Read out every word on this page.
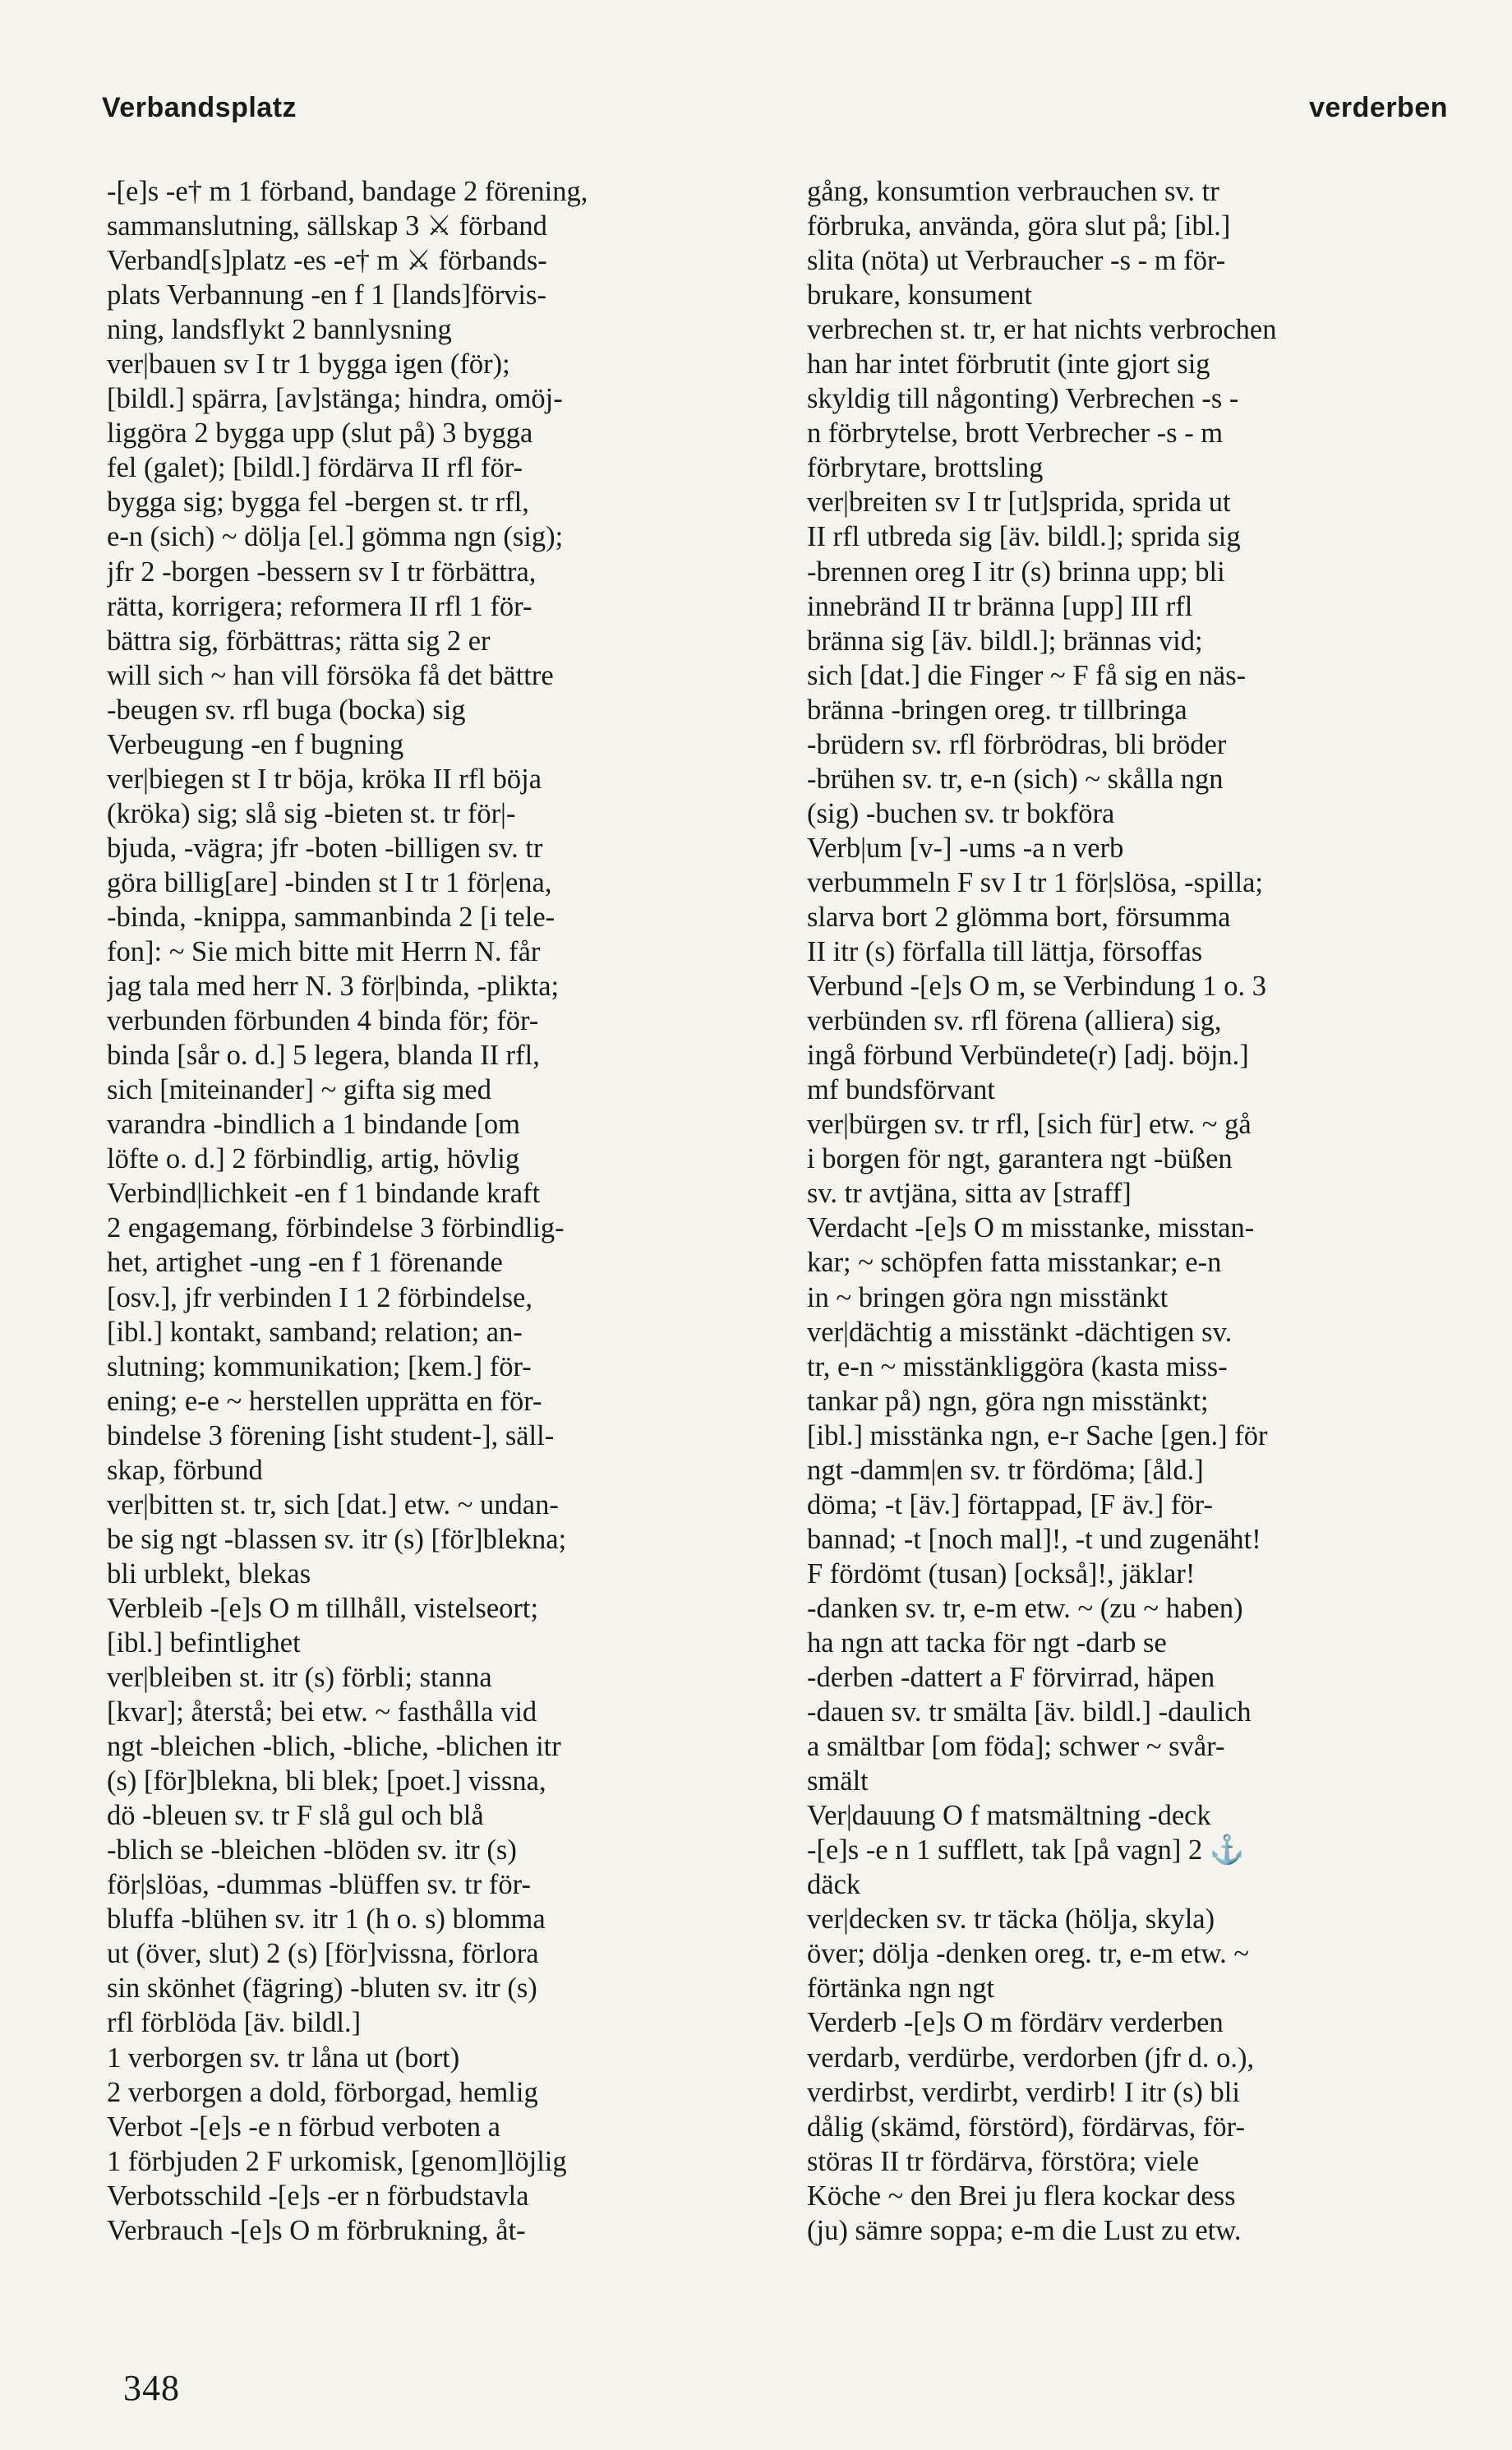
Verbandsplatz	verderben
-[e]s -e† m 1 förband, bandage 2 förening,
sammanslutning, sällskap 3 ⚔ förband
Verband[s]platz -es -e† m ⚔ förbands-
plats Verbannung -en f 1 [lands]förvis-
ning, landsflykt 2 bannlysning
ver|bauen sv I tr 1 bygga igen (för);
[bildl.] spärra, [av]stänga; hindra, omöj-
liggöra 2 bygga upp (slut på) 3 bygga
fel (galet); [bildl.] fördärva II rfl för-
bygga sig; bygga fel -bergen st. tr rfl,
e-n (sich) ~ dölja [el.] gömma ngn (sig);
jfr 2 -borgen -bessern sv I tr förbättra,
rätta, korrigera; reformera II rfl 1 för-
bättra sig, förbättras; rätta sig 2 er
will sich ~ han vill försöka få det bättre
-beugen sv. rfl buga (bocka) sig
Verbeugung -en f bugning
ver|biegen st I tr böja, kröka II rfl böja
(kröka) sig; slå sig -bieten st. tr för|-
bjuda, -vägra; jfr -boten -billigen sv. tr
göra billig[are] -binden st I tr 1 för|ena,
-binda, -knippa, sammanbinda 2 [i tele-
fon]: ~ Sie mich bitte mit Herrn N. får
jag tala med herr N. 3 för|binda, -plikta;
verbunden förbunden 4 binda för; för-
binda [sår o. d.] 5 legera, blanda II rfl,
sich [miteinander] ~ gifta sig med
varandra -bindlich a 1 bindande [om
löfte o. d.] 2 förbindlig, artig, hövlig
Verbind|lichkeit -en f 1 bindande kraft
2 engagemang, förbindelse 3 förbindlig-
het, artighet -ung -en f 1 förenande
[osv.], jfr verbinden I 1 2 förbindelse,
[ibl.] kontakt, samband; relation; an-
slutning; kommunikation; [kem.] för-
ening; e-e ~ herstellen upprätta en för-
bindelse 3 förening [isht student-], säll-
skap, förbund
ver|bitten st. tr, sich [dat.] etw. ~ undan-
be sig ngt -blassen sv. itr (s) [för]blekna;
bli urblekt, blekas
Verbleib -[e]s O m tillhåll, vistelseort;
[ibl.] befintlighet
ver|bleiben st. itr (s) förbli; stanna
[kvar]; återstå; bei etw. ~ fasthålla vid
ngt -bleichen -blich, -bliche, -blichen itr
(s) [för]blekna, bli blek; [poet.] vissna,
dö -bleuen sv. tr F slå gul och blå
-blich se -bleichen -blöden sv. itr (s)
för|slöas, -dummas -blüffen sv. tr för-
bluffa -blühen sv. itr 1 (h o. s) blomma
ut (över, slut) 2 (s) [för]vissna, förlora
sin skönhet (fägring) -bluten sv. itr (s)
rfl förblöda [äv. bildl.]
1 verborgen sv. tr låna ut (bort)
2 verborgen a dold, förborgad, hemlig
Verbot -[e]s -e n förbud verboten a
1 förbjuden 2 F urkomisk, [genom]löjlig
Verbotsschild -[e]s -er n förbudstavla
Verbrauch -[e]s O m förbrukning, åt-
gång, konsumtion verbrauchen sv. tr
förbruka, använda, göra slut på; [ibl.]
slita (nöta) ut Verbraucher -s - m för-
brukare, konsument
verbrechen st. tr, er hat nichts verbrochen
han har intet förbrutit (inte gjort sig
skyldig till någonting) Verbrechen -s -
n förbrytelse, brott Verbrecher -s - m
förbrytare, brottsling
ver|breiten sv I tr [ut]sprida, sprida ut
II rfl utbreda sig [äv. bildl.]; sprida sig
-brennen oreg I itr (s) brinna upp; bli
innebränd II tr bränna [upp] III rfl
bränna sig [äv. bildl.]; brännas vid;
sich [dat.] die Finger ~ F få sig en näs-
bränna -bringen oreg. tr tillbringa
-brüdern sv. rfl förbrödras, bli bröder
-brühen sv. tr, e-n (sich) ~ skålla ngn
(sig) -buchen sv. tr bokföra
Verb|um [v-] -ums -a n verb
verbummeln F sv I tr 1 för|slösa, -spilla;
slarva bort 2 glömma bort, försumma
II itr (s) förfalla till lättja, försoffas
Verbund -[e]s O m, se Verbindung 1 o. 3
verbünden sv. rfl förena (alliera) sig,
ingå förbund Verbündete(r) [adj. böjn.]
mf bundsförvant
ver|bürgen sv. tr rfl, [sich für] etw. ~ gå
i borgen för ngt, garantera ngt -büßen
sv. tr avtjäna, sitta av [straff]
Verdacht -[e]s O m misstanke, misstan-
kar; ~ schöpfen fatta misstankar; e-n
in ~ bringen göra ngn misstänkt
ver|dächtig a misstänkt -dächtigen sv.
tr, e-n ~ misstänkliggöra (kasta miss-
tankar på) ngn, göra ngn misstänkt;
[ibl.] misstänka ngn, e-r Sache [gen.] för
ngt -damm|en sv. tr fördöma; [åld.]
döma; -t [äv.] förtappad, [F äv.] för-
bannad; -t [noch mal]!, -t und zugenäht!
F fördömt (tusan) [också]!, jäklar!
-danken sv. tr, e-m etw. ~ (zu ~ haben)
ha ngn att tacka för ngt -darb se
-derben -dattert a F förvirrad, häpen
-dauen sv. tr smälta [äv. bildl.] -daulich
a smältbar [om föda]; schwer ~ svår-
smält
Ver|dauung O f matsmältning -deck
-[e]s -e n 1 sufflett, tak [på vagn] 2 ⚓
däck
ver|decken sv. tr täcka (hölja, skyla)
över; dölja -denken oreg. tr, e-m etw. ~
förtänka ngn ngt
Verderb -[e]s O m fördärv verderben
verdarb, verdürbe, verdorben (jfr d. o.),
verdirbst, verdirbt, verdirb! I itr (s) bli
dålig (skämd, förstörd), fördärvas, för-
störas II tr fördärva, förstöra; viele
Köche ~ den Brei ju flera kockar dess
(ju) sämre soppa; e-m die Lust zu etw.
348
